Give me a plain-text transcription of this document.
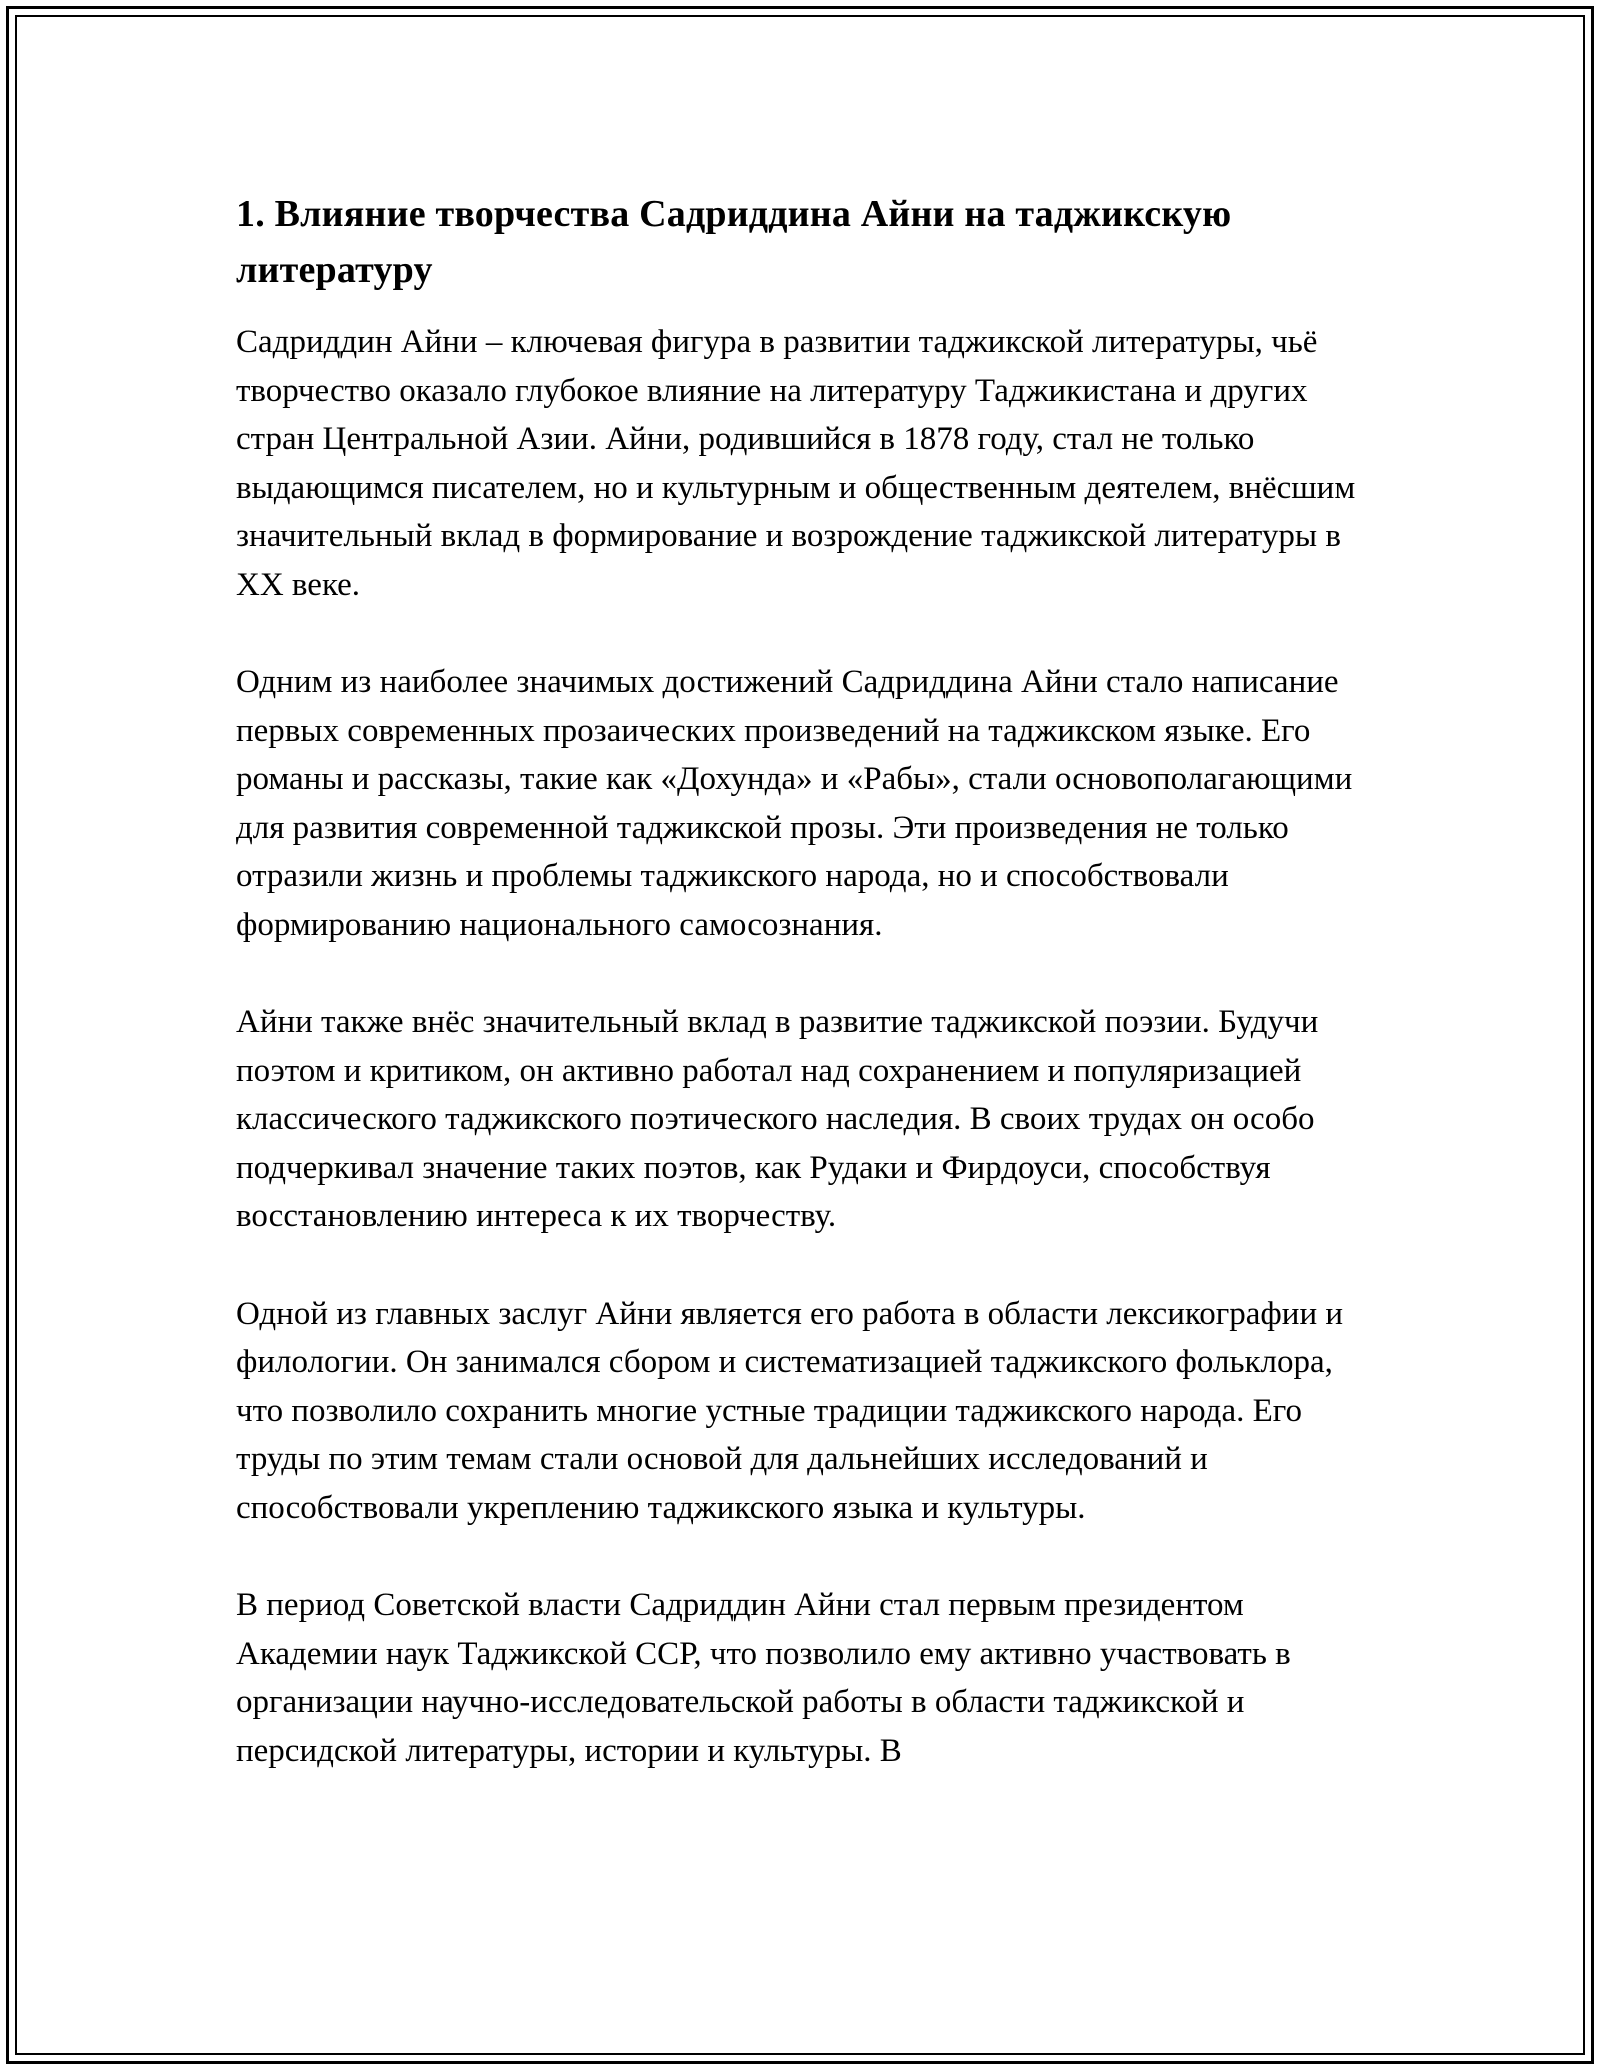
1. Влияние творчества Садриддина Айни на таджикскую литературу

Садриддин Айни – ключевая фигура в развитии таджикской литературы, чьё творчество оказало глубокое влияние на литературу Таджикистана и других стран Центральной Азии. Айни, родившийся в 1878 году, стал не только выдающимся писателем, но и культурным и общественным деятелем, внёсшим значительный вклад в формирование и возрождение таджикской литературы в XX веке.

Одним из наиболее значимых достижений Садриддина Айни стало написание первых современных прозаических произведений на таджикском языке. Его романы и рассказы, такие как «Дохунда» и «Рабы», стали основополагающими для развития современной таджикской прозы. Эти произведения не только отразили жизнь и проблемы таджикского народа, но и способствовали формированию национального самосознания.

Айни также внёс значительный вклад в развитие таджикской поэзии. Будучи поэтом и критиком, он активно работал над сохранением и популяризацией классического таджикского поэтического наследия. В своих трудах он особо подчеркивал значение таких поэтов, как Рудаки и Фирдоуси, способствуя восстановлению интереса к их творчеству.

Одной из главных заслуг Айни является его работа в области лексикографии и филологии. Он занимался сбором и систематизацией таджикского фольклора, что позволило сохранить многие устные традиции таджикского народа. Его труды по этим темам стали основой для дальнейших исследований и способствовали укреплению таджикского языка и культуры.

В период Советской власти Садриддин Айни стал первым президентом Академии наук Таджикской ССР, что позволило ему активно участвовать в организации научно-исследовательской работы в области таджикской и персидской литературы, истории и культуры. В
